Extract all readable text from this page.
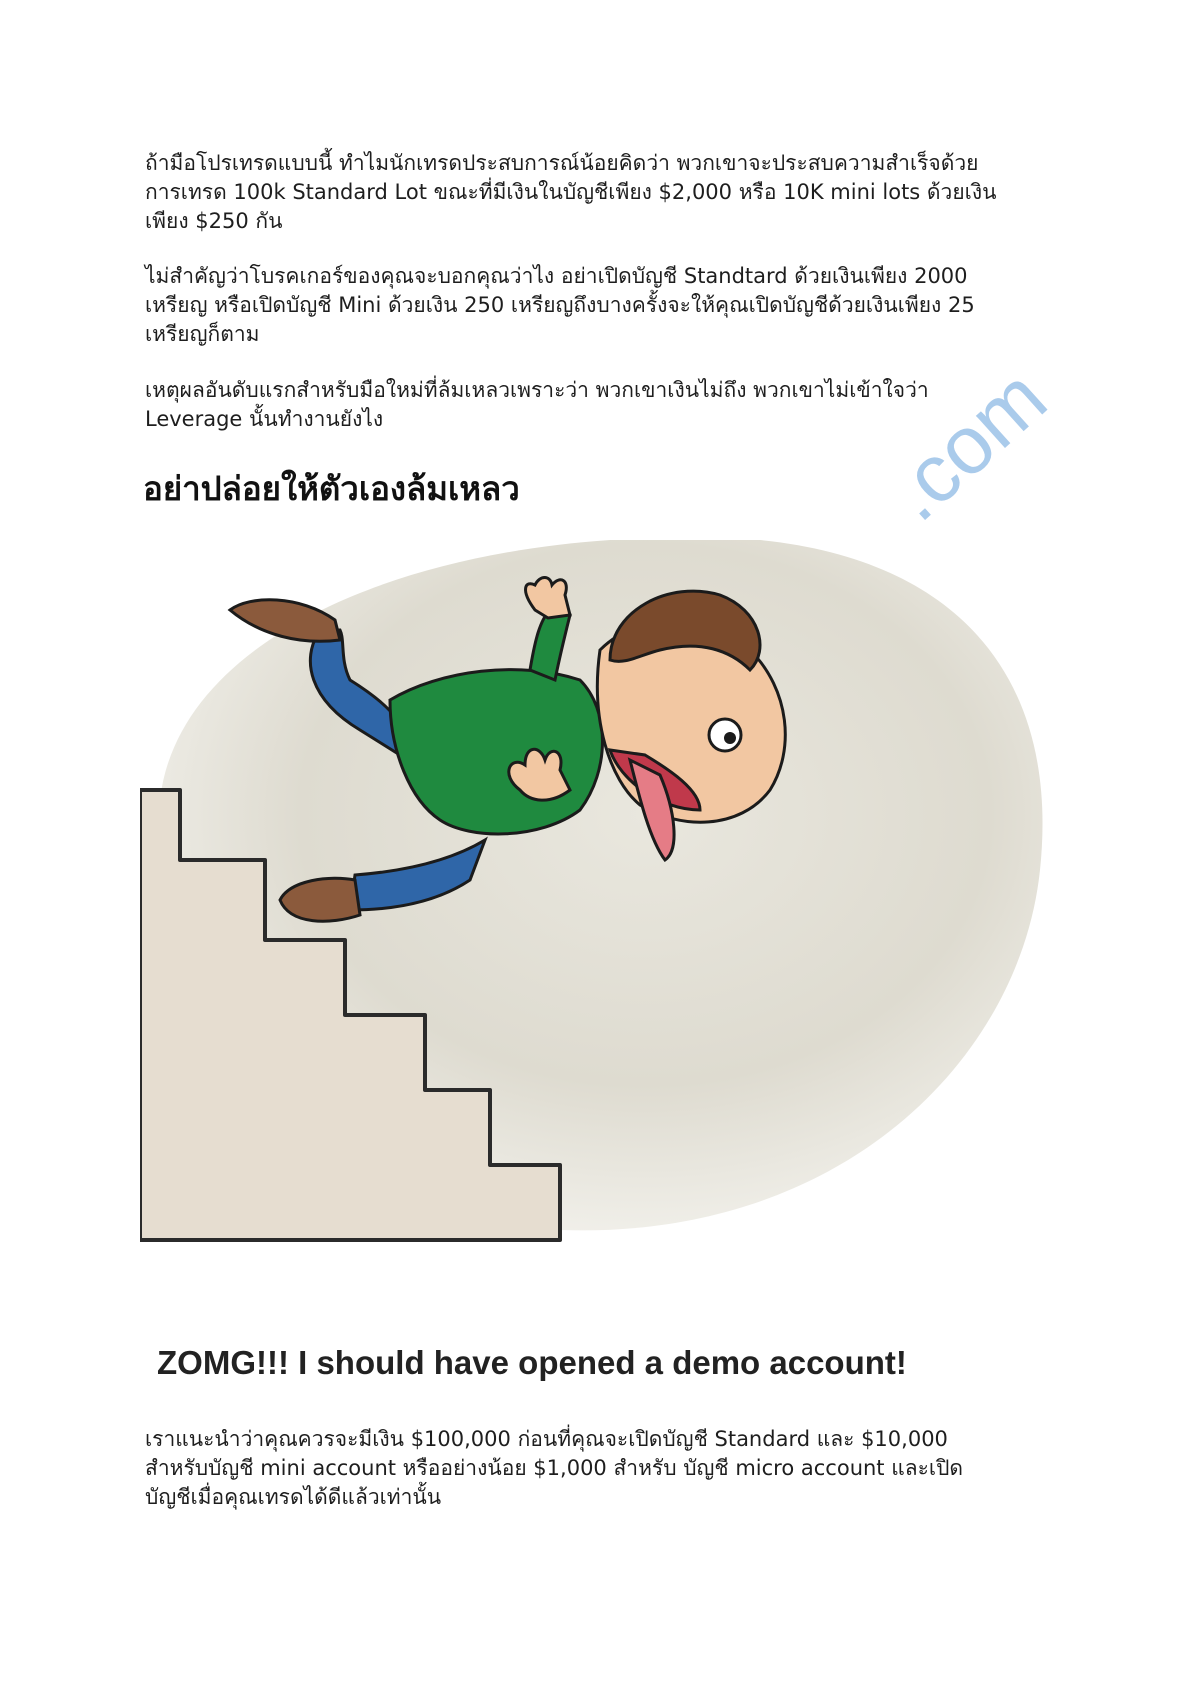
ถ้ามือโปรเทรดแบบนี้ ทำไมนักเทรดประสบการณ์น้อยคิดว่า พวกเขาจะประสบความสำเร็จด้วย
การเทรด 100k Standard Lot ขณะที่มีเงินในบัญชีเพียง $2,000 หรือ 10K mini lots ด้วยเงิน
เพียง $250 กัน

ไม่สำคัญว่าโบรคเกอร์ของคุณจะบอกคุณว่าไง อย่าเปิดบัญชี Standtard ด้วยเงินเพียง 2000
เหรียญ หรือเปิดบัญชี Mini ด้วยเงิน 250 เหรียญถึงบางครั้งจะให้คุณเปิดบัญชีด้วยเงินเพียง 25
เหรียญก็ตาม

เหตุผลอันดับแรกสำหรับมือใหม่ที่ล้มเหลวเพราะว่า พวกเขาเงินไม่ถึง พวกเขาไม่เข้าใจว่า
Leverage นั้นทำงานยังไง

อย่าปล่อยให้ตัวเองล้มเหลว	.com

ZOMG!!! I should have opened a demo account!

เราแนะนำว่าคุณควรจะมีเงิน $100,000 ก่อนที่คุณจะเปิดบัญชี Standard และ $10,000
สำหรับบัญชี mini account หรืออย่างน้อย $1,000 สำหรับ บัญชี micro account และเปิด
บัญชีเมื่อคุณเทรดได้ดีแล้วเท่านั้น
